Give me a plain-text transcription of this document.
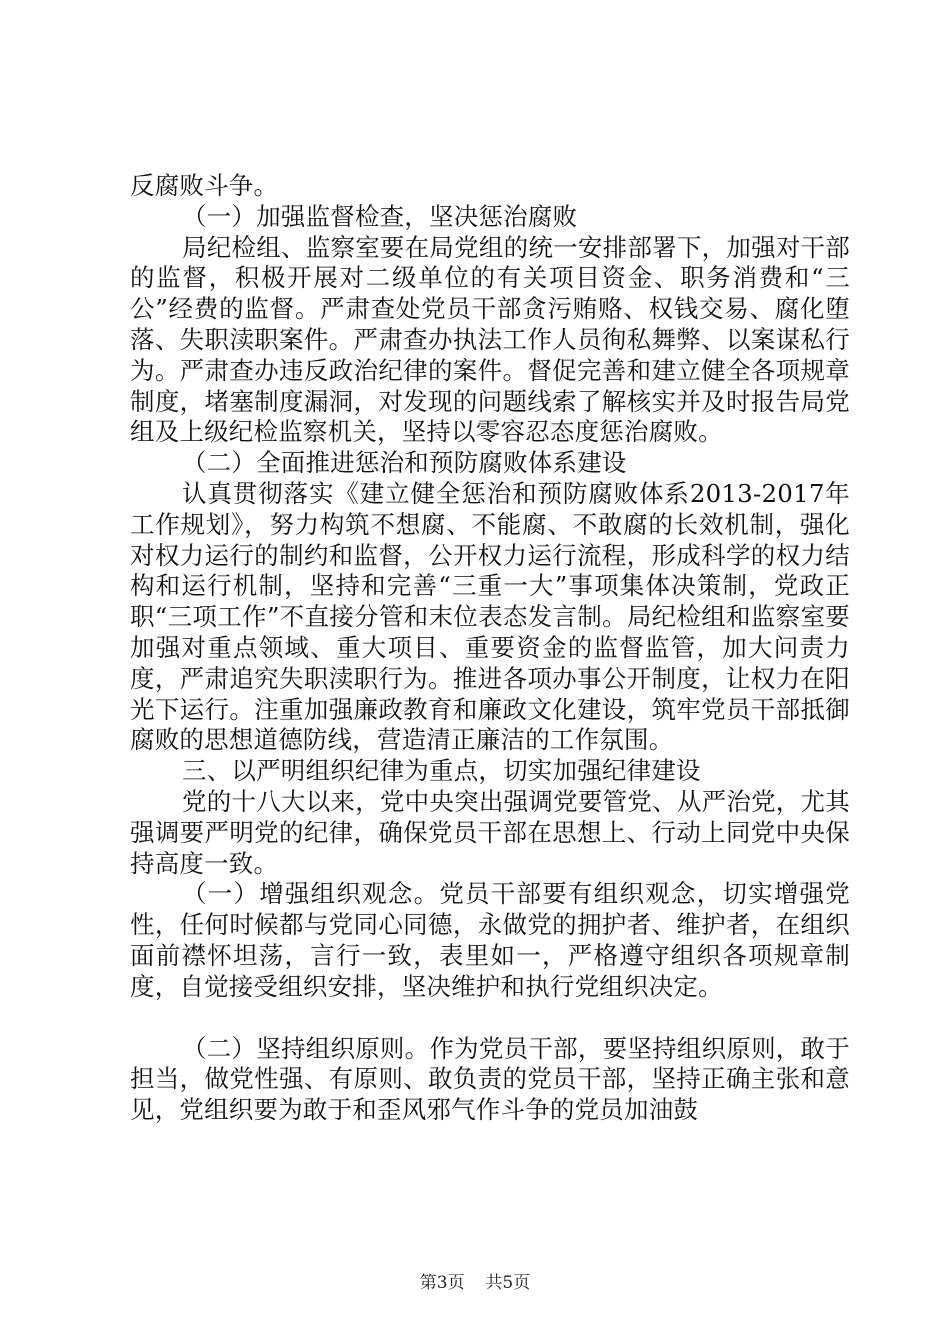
反腐败斗争。

（一）加强监督检查，坚决惩治腐败

局纪检组、监察室要在局党组的统一安排部署下，加强对干部的监督，积极开展对二级单位的有关项目资金、职务消费和“三公”经费的监督。严肃查处党员干部贪污贿赂、权钱交易、腐化堕落、失职渎职案件。严肃查办执法工作人员徇私舞弊、以案谋私行为。严肃查办违反政治纪律的案件。督促完善和建立健全各项规章制度，堵塞制度漏洞，对发现的问题线索了解核实并及时报告局党组及上级纪检监察机关，坚持以零容忍态度惩治腐败。

（二）全面推进惩治和预防腐败体系建设

认真贯彻落实《建立健全惩治和预防腐败体系2013-2017年工作规划》，努力构筑不想腐、不能腐、不敢腐的长效机制，强化对权力运行的制约和监督，公开权力运行流程，形成科学的权力结构和运行机制，坚持和完善“三重一大”事项集体决策制，党政正职“三项工作”不直接分管和末位表态发言制。局纪检组和监察室要加强对重点领域、重大项目、重要资金的监督监管，加大问责力度，严肃追究失职渎职行为。推进各项办事公开制度，让权力在阳光下运行。注重加强廉政教育和廉政文化建设，筑牢党员干部抵御腐败的思想道德防线，营造清正廉洁的工作氛围。

三、以严明组织纪律为重点，切实加强纪律建设

党的十八大以来，党中央突出强调党要管党、从严治党，尤其强调要严明党的纪律，确保党员干部在思想上、行动上同党中央保持高度一致。

（一）增强组织观念。党员干部要有组织观念，切实增强党性，任何时候都与党同心同德，永做党的拥护者、维护者，在组织面前襟怀坦荡，言行一致，表里如一，严格遵守组织各项规章制度，自觉接受组织安排，坚决维护和执行党组织决定。

（二）坚持组织原则。作为党员干部，要坚持组织原则，敢于担当，做党性强、有原则、敢负责的党员干部，坚持正确主张和意见，党组织要为敢于和歪风邪气作斗争的党员加油鼓

第3页 共5页
